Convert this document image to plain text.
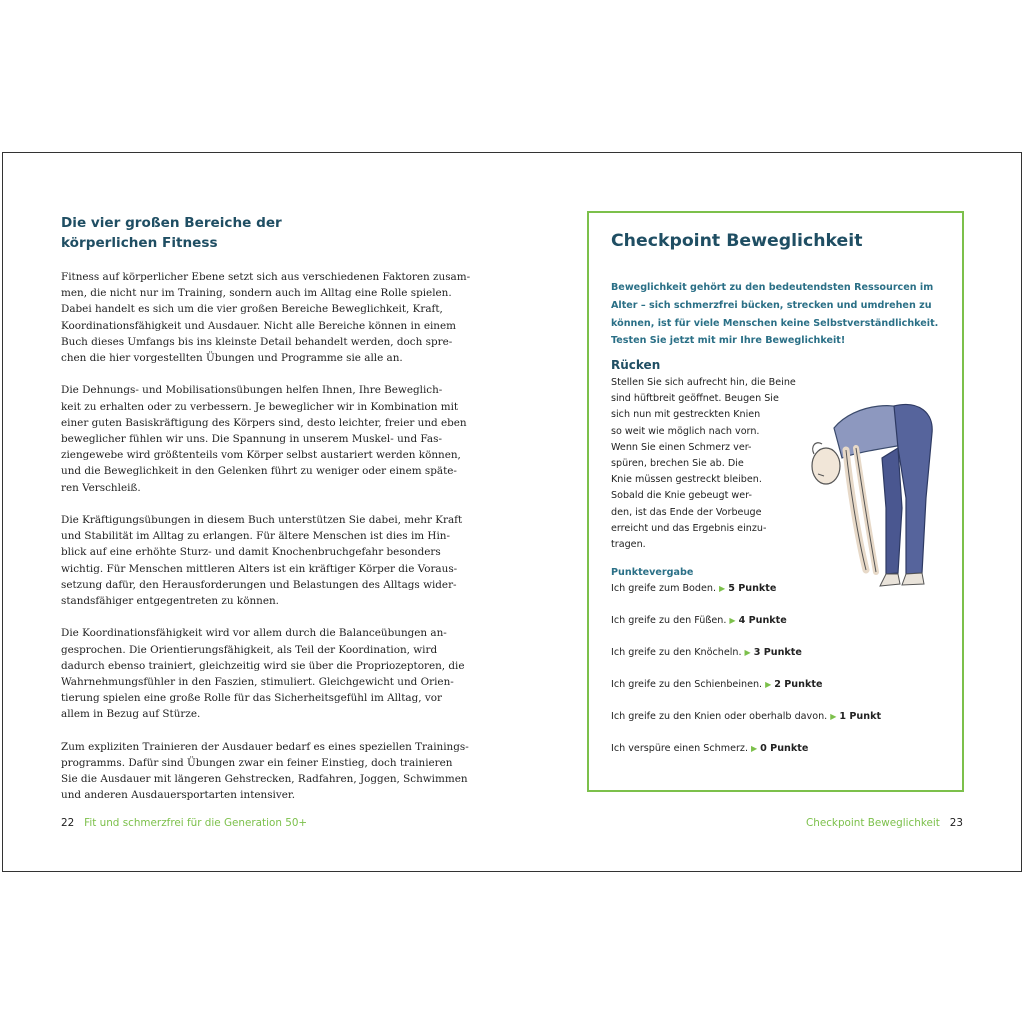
Die vier großen Bereiche der
körperlichen Fitness

Fitness auf körperlicher Ebene setzt sich aus verschiedenen Faktoren zusam-
men, die nicht nur im Training, sondern auch im Alltag eine Rolle spielen.
Dabei handelt es sich um die vier großen Bereiche Beweglichkeit, Kraft,
Koordinationsfähigkeit und Ausdauer. Nicht alle Bereiche können in einem
Buch dieses Umfangs bis ins kleinste Detail behandelt werden, doch spre-
chen die hier vorgestellten Übungen und Programme sie alle an.

Die Dehnungs- und Mobilisationsübungen helfen Ihnen, Ihre Beweglich-
keit zu erhalten oder zu verbessern. Je beweglicher wir in Kombination mit
einer guten Basiskräftigung des Körpers sind, desto leichter, freier und eben
beweglicher fühlen wir uns. Die Spannung in unserem Muskel- und Fas-
ziengewebe wird größtenteils vom Körper selbst austariert werden können,
und die Beweglichkeit in den Gelenken führt zu weniger oder einem späte-
ren Verschleiß.

Die Kräftigungsübungen in diesem Buch unterstützen Sie dabei, mehr Kraft
und Stabilität im Alltag zu erlangen. Für ältere Menschen ist dies im Hin-
blick auf eine erhöhte Sturz- und damit Knochenbruchgefahr besonders
wichtig. Für Menschen mittleren Alters ist ein kräftiger Körper die Voraus-
setzung dafür, den Herausforderungen und Belastungen des Alltags wider-
standsfähiger entgegentreten zu können.

Die Koordinationsfähigkeit wird vor allem durch die Balanceübungen an-
gesprochen. Die Orientierungsfähigkeit, als Teil der Koordination, wird
dadurch ebenso trainiert, gleichzeitig wird sie über die Propriozeptoren, die
Wahrnehmungsfühler in den Faszien, stimuliert. Gleichgewicht und Orien-
tierung spielen eine große Rolle für das Sicherheitsgefühl im Alltag, vor
allem in Bezug auf Stürze.

Zum expliziten Trainieren der Ausdauer bedarf es eines speziellen Trainings-
programms. Dafür sind Übungen zwar ein feiner Einstieg, doch trainieren
Sie die Ausdauer mit längeren Gehstrecken, Radfahren, Joggen, Schwimmen
und anderen Ausdauersportarten intensiver.

22 Fit und schmerzfrei für die Generation 50+
Checkpoint Beweglichkeit
Beweglichkeit gehört zu den bedeutendsten Ressourcen im
Alter – sich schmerzfrei bücken, strecken und umdrehen zu
können, ist für viele Menschen keine Selbstverständlichkeit.
Testen Sie jetzt mit mir Ihre Beweglichkeit!
Rücken
Stellen Sie sich aufrecht hin, die Beine
sind hüftbreit geöffnet. Beugen Sie
sich nun mit gestreckten Knien
so weit wie möglich nach vorn.
Wenn Sie einen Schmerz ver-
spüren, brechen Sie ab. Die
Knie müssen gestreckt bleiben.
Sobald die Knie gebeugt wer-
den, ist das Ende der Vorbeuge
erreicht und das Ergebnis einzu-
tragen.
Punktevergabe
Ich greife zum Boden. ▶ 5 Punkte
Ich greife zu den Füßen. ▶ 4 Punkte
Ich greife zu den Knöcheln. ▶ 3 Punkte
Ich greife zu den Schienbeinen. ▶ 2 Punkte
Ich greife zu den Knien oder oberhalb davon. ▶ 1 Punkt
Ich verspüre einen Schmerz. ▶ 0 Punkte
Checkpoint Beweglichkeit 23
